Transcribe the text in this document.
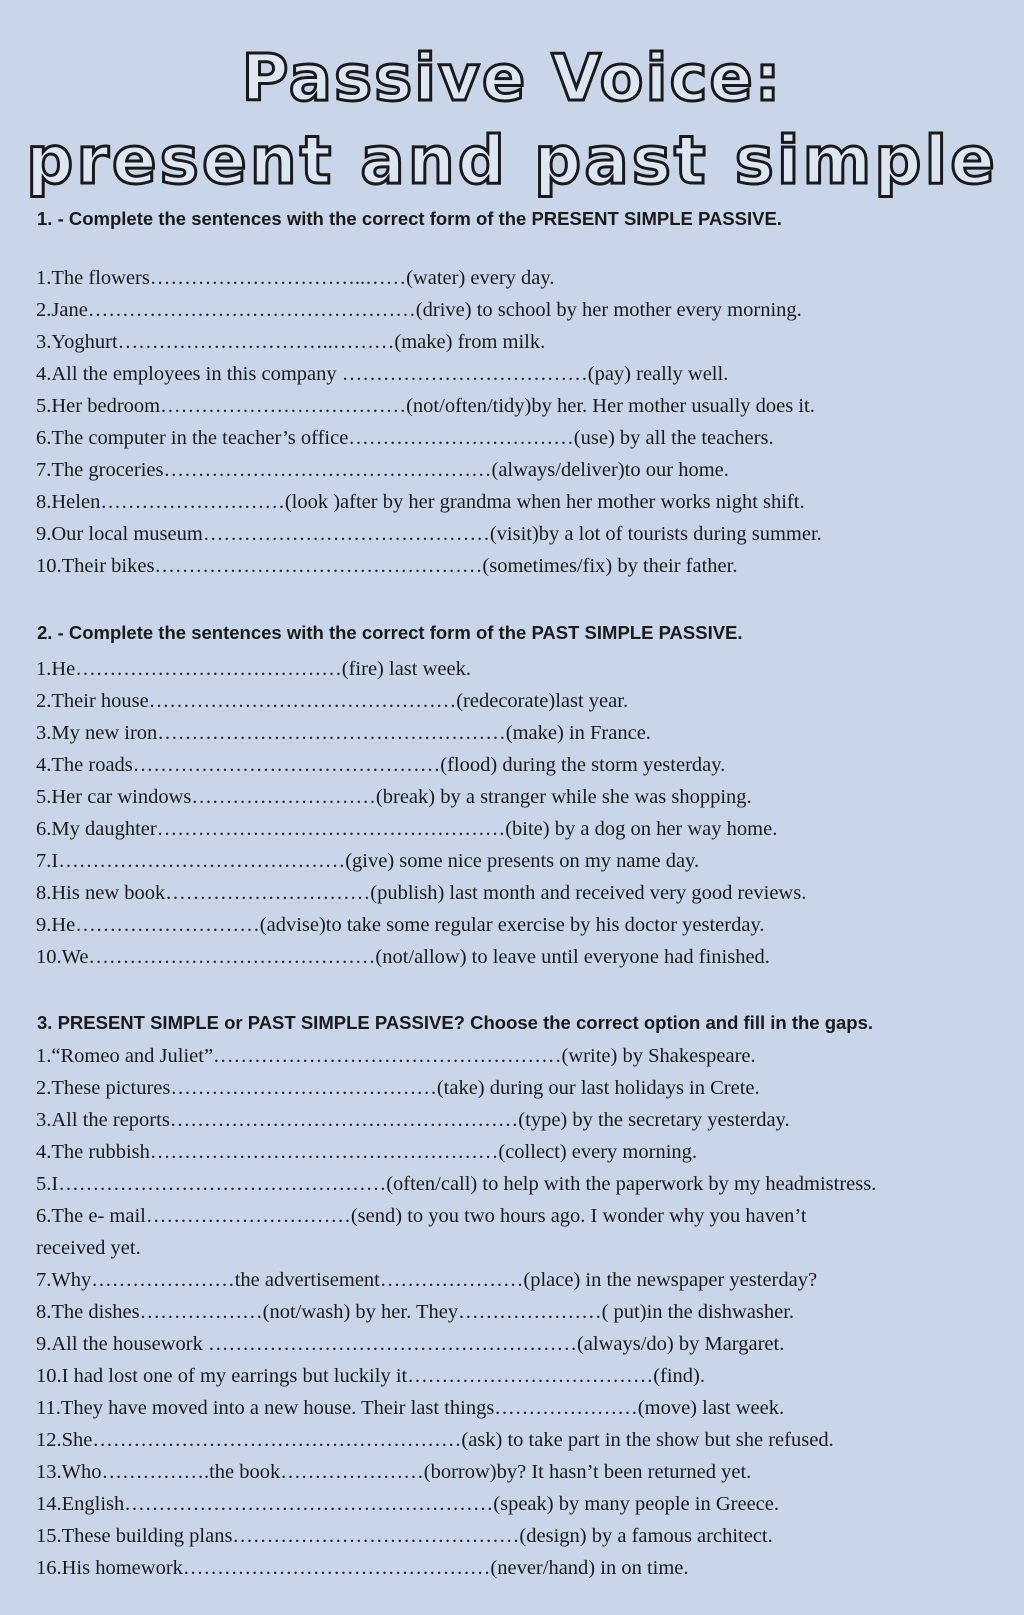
Passive Voice:
present and past simple
1. - Complete the sentences with the correct form of the PRESENT SIMPLE PASSIVE.
1.The flowers…………………………..……(water) every day.
2.Jane…………………………………………(drive) to school by her mother every morning.
3.Yoghurt…………………………..………(make) from milk.
4.All the employees in this company ………………………………(pay) really well.
5.Her bedroom………………………………(not/often/tidy)by her. Her mother usually does it.
6.The computer in the teacher’s office……………………………(use) by all the teachers.
7.The groceries…………………………………………(always/deliver)to our home.
8.Helen………………………(look )after by her grandma when her mother works night shift.
9.Our local museum……………………………………(visit)by a lot of tourists during summer.
10.Their bikes…………………………………………(sometimes/fix) by their father.
2. - Complete the sentences with the correct form of the PAST SIMPLE PASSIVE.
1.He…………………………………(fire) last week.
2.Their house………………………………………(redecorate)last year.
3.My new iron……………………………………………(make) in France.
4.The roads………………………………………(flood) during the storm yesterday.
5.Her car windows………………………(break) by a stranger while she was shopping.
6.My daughter……………………………………………(bite) by a dog on her way home.
7.I……………………………………(give) some nice presents on my name day.
8.His new book…………………………(publish) last month and received very good reviews.
9.He………………………(advise)to take some regular exercise by his doctor yesterday.
10.We……………………………………(not/allow) to leave until everyone had finished.
3. PRESENT SIMPLE or PAST SIMPLE PASSIVE? Choose the correct option and fill in the gaps.
1.“Romeo and Juliet”……………………………………………(write) by Shakespeare.
2.These pictures…………………………………(take) during our last holidays in Crete.
3.All the reports……………………………………………(type) by the secretary yesterday.
4.The rubbish……………………………………………(collect) every morning.
5.I…………………………………………(often/call) to help with the paperwork by my headmistress.
6.The e- mail…………………………(send) to you two hours ago. I wonder why you haven’t
received yet.
7.Why…………………the advertisement…………………(place) in the newspaper yesterday?
8.The dishes………………(not/wash) by her. They…………………( put)in the dishwasher.
9.All the housework ………………………………………………(always/do) by Margaret.
10.I had lost one of my earrings but luckily it………………………………(find).
11.They have moved into a new house. Their last things…………………(move) last week.
12.She………………………………………………(ask) to take part in the show but she refused.
13.Who…………….the book…………………(borrow)by? It hasn’t been returned yet.
14.English………………………………………………(speak) by many people in Greece.
15.These building plans……………………………………(design) by a famous architect.
16.His homework………………………………………(never/hand) in on time.
